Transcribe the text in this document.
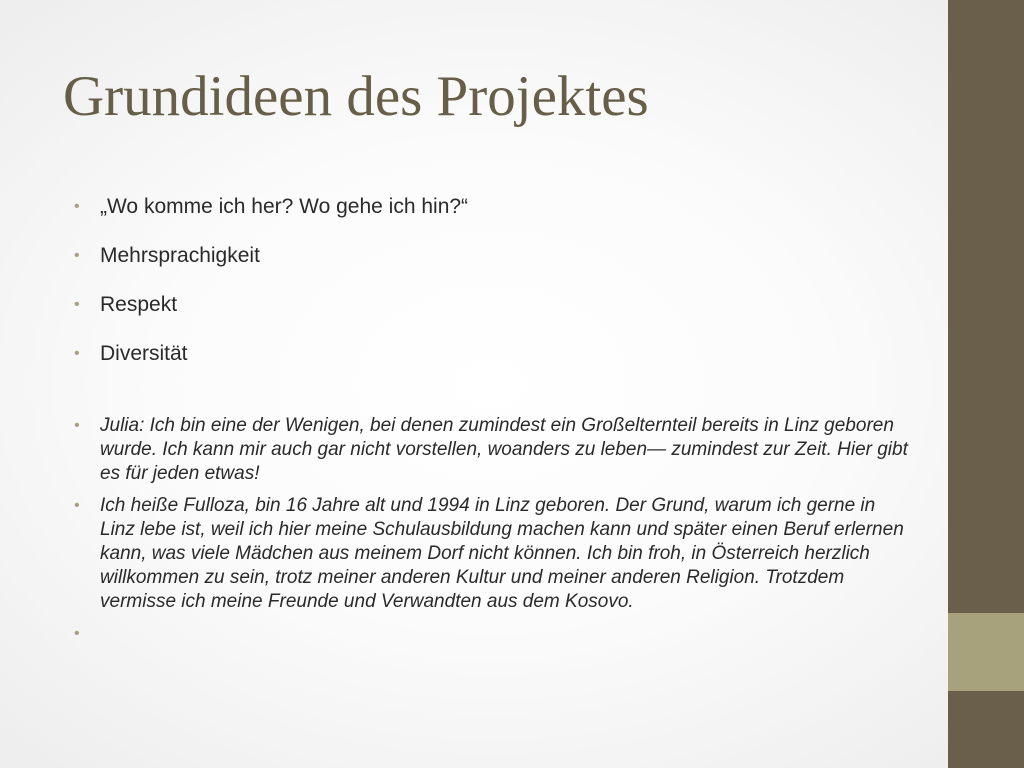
Grundideen des Projektes
• „Wo komme ich her? Wo gehe ich hin?“
• Mehrsprachigkeit
• Respekt
• Diversität
• Julia: Ich bin eine der Wenigen, bei denen zumindest ein Großelternteil bereits in Linz geboren wurde. Ich kann mir auch gar nicht vorstellen, woanders zu leben— zumindest zur Zeit. Hier gibt es für jeden etwas!
• Ich heiße Fulloza, bin 16 Jahre alt und 1994 in Linz geboren. Der Grund, warum ich gerne in Linz lebe ist, weil ich hier meine Schulausbildung machen kann und später einen Beruf erlernen kann, was viele Mädchen aus meinem Dorf nicht können. Ich bin froh, in Österreich herzlich willkommen zu sein, trotz meiner anderen Kultur und meiner anderen Religion. Trotzdem vermisse ich meine Freunde und Verwandten aus dem Kosovo.
•
